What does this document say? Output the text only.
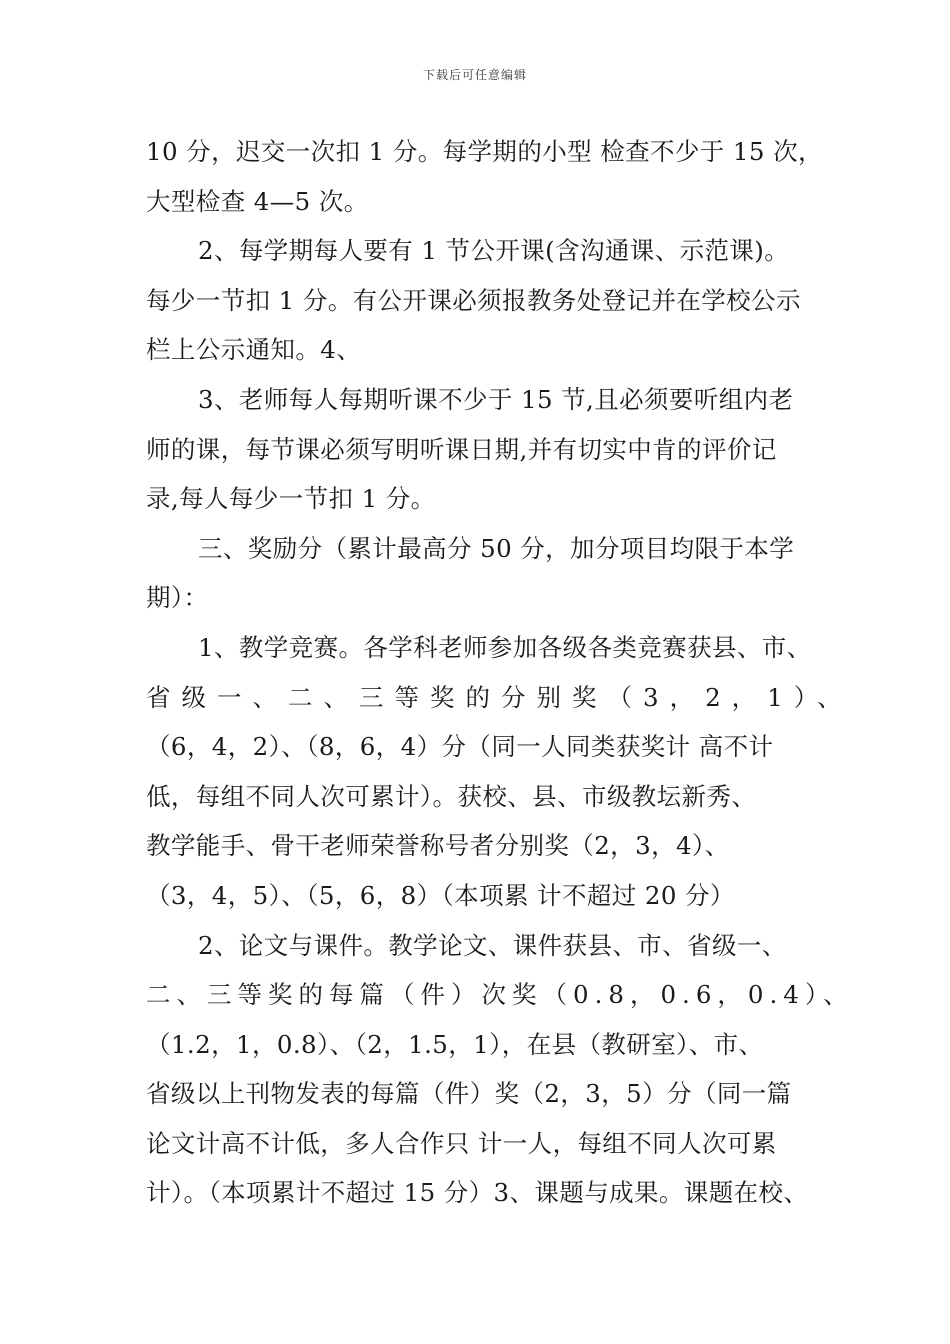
下载后可任意编辑
10 分，迟交一次扣 1 分。每学期的小型 检查不少于 15 次，
大型检查 4—5 次。
2、每学期每人要有 1 节公开课(含沟通课、示范课)。
每少一节扣 1 分。有公开课必须报教务处登记并在学校公示
栏上公示通知。4、
3、老师每人每期听课不少于 15 节,且必须要听组内老
师的课，每节课必须写明听课日期,并有切实中肯的评价记
录,每人每少一节扣 1 分。
三、奖励分（累计最高分 50 分，加分项目均限于本学
期）：
1、教学竞赛。各学科老师参加各级各类竞赛获县、市、
省级一、二、三等奖的分别奖（3，2，1）、
（6，4，2）、（8，6，4）分（同一人同类获奖计 高不计
低，每组不同人次可累计）。获校、县、市级教坛新秀、
教学能手、骨干老师荣誉称号者分别奖（2，3，4）、
（3，4，5）、（5，6，8）（本项累 计不超过 20 分）
2、论文与课件。教学论文、课件获县、市、省级一、
二、三等奖的每篇（件）次奖（0.8，0.6，0.4）、
（1.2，1，0.8）、（2，1.5，1），在县（教研室）、市、
省级以上刊物发表的每篇（件）奖（2，3，5）分（同一篇
论文计高不计低，多人合作只 计一人，每组不同人次可累
计）。（本项累计不超过 15 分）3、课题与成果。课题在校、
